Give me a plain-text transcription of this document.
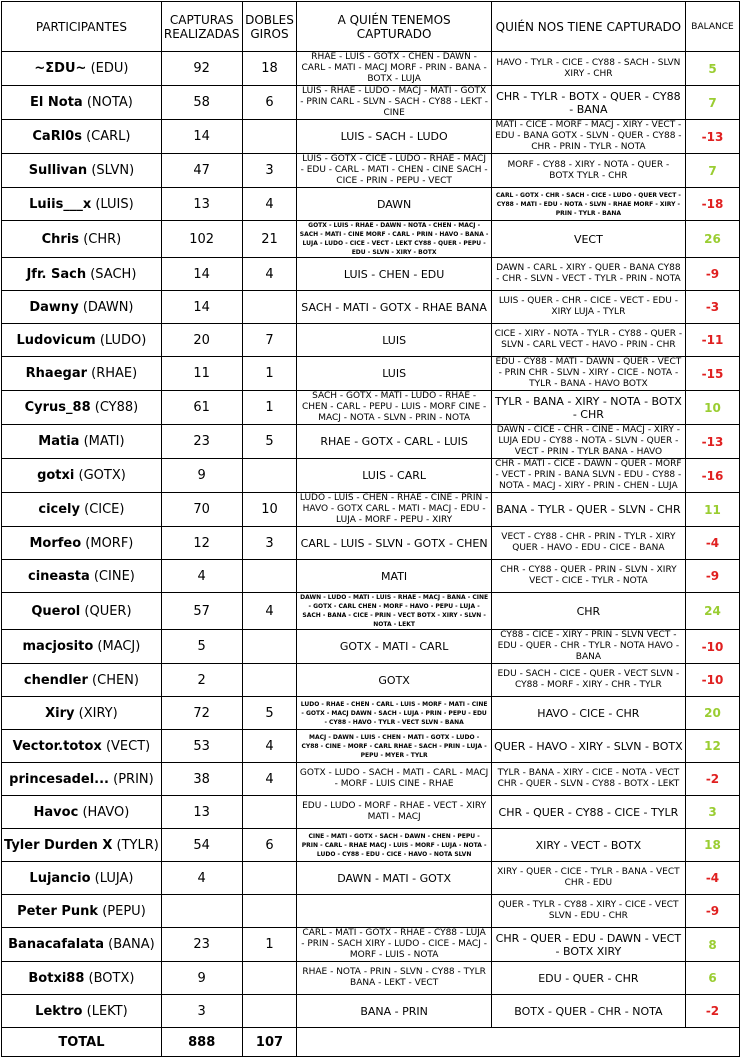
PARTICIPANTES	CAPTURAS REALIZADAS	DOBLES GIROS	A QUIÉN TENEMOS CAPTURADO	QUIÉN NOS TIENE CAPTURADO	BALANCE
~ΣDU~ (EDU)	92	18	RHAE - LUIS - GOTX - CHEN - DAWN - CARL - MATI - MACJ MORF - PRIN - BANA - BOTX - LUJA	HAVO - TYLR - CICE - CY88 - SACH - SLVN XIRY - CHR	5
El Nota (NOTA)	58	6	LUIS - RHAE - LUDO - MACJ - MATI - GOTX - PRIN CARL - SLVN - SACH - CY88 - LEKT - CINE	CHR - TYLR - BOTX - QUER - CY88 - BANA	7
CaRl0s (CARL)	14		LUIS - SACH - LUDO	MATI - CICE - MORF - MACJ - XIRY - VECT - EDU - BANA GOTX - SLVN - QUER - CY88 - CHR - PRIN - TYLR - NOTA	-13
Sullivan (SLVN)	47	3	LUIS - GOTX - CICE - LUDO - RHAE - MACJ - EDU - CARL - MATI - CHEN - CINE SACH - CICE - PRIN - PEPU - VECT	MORF - CY88 - XIRY - NOTA - QUER - BOTX TYLR - CHR	7
Luiis___x (LUIS)	13	4	DAWN	CARL - GOTX - CHR - SACH - CICE - LUDO - QUER VECT - CY88 - MATI - EDU - NOTA - SLVN - RHAE MORF - XIRY - PRIN - TYLR - BANA	-18
Chris (CHR)	102	21	GOTX - LUIS - RHAE - DAWN - NOTA - CHEN - MACJ - SACH - MATI - CINE MORF - CARL - PRIN - HAVO - BANA - LUJA - LUDO - CICE - VECT - LEKT CY88 - QUER - PEPU - EDU - SLVN - XIRY - BOTX	VECT	26
Jfr. Sach (SACH)	14	4	LUIS - CHEN - EDU	DAWN - CARL - XIRY - QUER - BANA CY88 - CHR - SLVN - VECT - TYLR - PRIN - NOTA	-9
Dawny (DAWN)	14		SACH - MATI - GOTX - RHAE BANA	LUIS - QUER - CHR - CICE - VECT - EDU - XIRY LUJA - TYLR	-3
Ludovicum (LUDO)	20	7	LUIS	CICE - XIRY - NOTA - TYLR - CY88 - QUER - SLVN - CARL VECT - HAVO - PRIN - CHR	-11
Rhaegar (RHAE)	11	1	LUIS	EDU - CY88 - MATI - DAWN - QUER - VECT - PRIN CHR - SLVN - XIRY - CICE - NOTA - TYLR - BANA - HAVO BOTX	-15
Cyrus_88 (CY88)	61	1	SACH - GOTX - MATI - LUDO - RHAE - CHEN - CARL - PEPU - LUIS - MORF CINE - MACJ - NOTA - SLVN - PRIN - NOTA	TYLR - BANA - XIRY - NOTA - BOTX - CHR	10
Matia (MATI)	23	5	RHAE - GOTX - CARL - LUIS	DAWN - CICE - CHR - CINE - MACJ - XIRY - LUJA EDU - CY88 - NOTA - SLVN - QUER - VECT - PRIN - TYLR BANA - HAVO	-13
gotxi (GOTX)	9		LUIS - CARL	CHR - MATI - CICE - DAWN - QUER - MORF - VECT - PRIN - BANA SLVN - EDU - CY88 - NOTA - MACJ - XIRY - PRIN - CHEN - LUJA	-16
cicely (CICE)	70	10	LUDO - LUIS - CHEN - RHAE - CINE - PRIN - HAVO - GOTX CARL - MATI - MACJ - EDU - LUJA - MORF - PEPU - XIRY	BANA - TYLR - QUER - SLVN - CHR	11
Morfeo (MORF)	12	3	CARL - LUIS - SLVN - GOTX - CHEN	VECT - CY88 - CHR - PRIN - TYLR - XIRY QUER - HAVO - EDU - CICE - BANA	-4
cineasta (CINE)	4		MATI	CHR - CY88 - QUER - PRIN - SLVN - XIRY VECT - CICE - TYLR - NOTA	-9
Querol (QUER)	57	4	DAWN - LUDO - MATI - LUIS - RHAE - MACJ - BANA - CINE - GOTX - CARL CHEN - MORF - HAVO - PEPU - LUJA - SACH - BANA - CICE - PRIN - VECT BOTX - XIRY - SLVN - NOTA - LEKT	CHR	24
macjosito (MACJ)	5		GOTX - MATI - CARL	CY88 - CICE - XIRY - PRIN - SLVN VECT - EDU - QUER - CHR - TYLR - NOTA HAVO - BANA	-10
chendler (CHEN)	2		GOTX	EDU - SACH - CICE - QUER - VECT SLVN - CY88 - MORF - XIRY - CHR - TYLR	-10
Xiry (XIRY)	72	5	LUDO - RHAE - CHEN - CARL - LUIS - MORF - MATI - CINE - GOTX - MACJ DAWN - SACH - LUJA - PRIN - PEPU - EDU - CY88 - HAVO - TYLR - VECT SLVN - BANA	HAVO - CICE - CHR	20
Vector.totox (VECT)	53	4	MACJ - DAWN - LUIS - CHEN - MATI - GOTX - LUDO - CY88 - CINE - MORF - CARL RHAE - SACH - PRIN - LUJA - PEPU - MYER - TYLR	QUER - HAVO - XIRY - SLVN - BOTX	12
princesadel... (PRIN)	38	4	GOTX - LUDO - SACH - MATI - CARL - MACJ - MORF - LUIS CINE - RHAE	TYLR - BANA - XIRY - CICE - NOTA - VECT CHR - QUER - SLVN - CY88 - BOTX - LEKT	-2
Havoc (HAVO)	13		EDU - LUDO - MORF - RHAE - VECT - XIRY MATI - MACJ	CHR - QUER - CY88 - CICE - TYLR	3
Tyler Durden X (TYLR)	54	6	CINE - MATI - GOTX - SACH - DAWN - CHEN - PEPU - PRIN - CARL - RHAE MACJ - LUIS - MORF - LUJA - NOTA - LUDO - CY88 - EDU - CICE - HAVO - NOTA SLVN	XIRY - VECT - BOTX	18
Lujancio (LUJA)	4		DAWN - MATI - GOTX	XIRY - QUER - CICE - TYLR - BANA - VECT CHR - EDU	-4
Peter Punk (PEPU)				QUER - TYLR - CY88 - XIRY - CICE - VECT SLVN - EDU - CHR	-9
Banacafalata (BANA)	23	1	CARL - MATI - GOTX - RHAE - CY88 - LUJA - PRIN - SACH XIRY - LUDO - CICE - MACJ - MORF - LUIS - NOTA	CHR - QUER - EDU - DAWN - VECT - BOTX XIRY	8
Botxi88 (BOTX)	9		RHAE - NOTA - PRIN - SLVN - CY88 - TYLR BANA - LEKT - VECT	EDU - QUER - CHR	6
Lektro (LEKT)	3		BANA - PRIN	BOTX - QUER - CHR - NOTA	-2
TOTAL	888	107			
